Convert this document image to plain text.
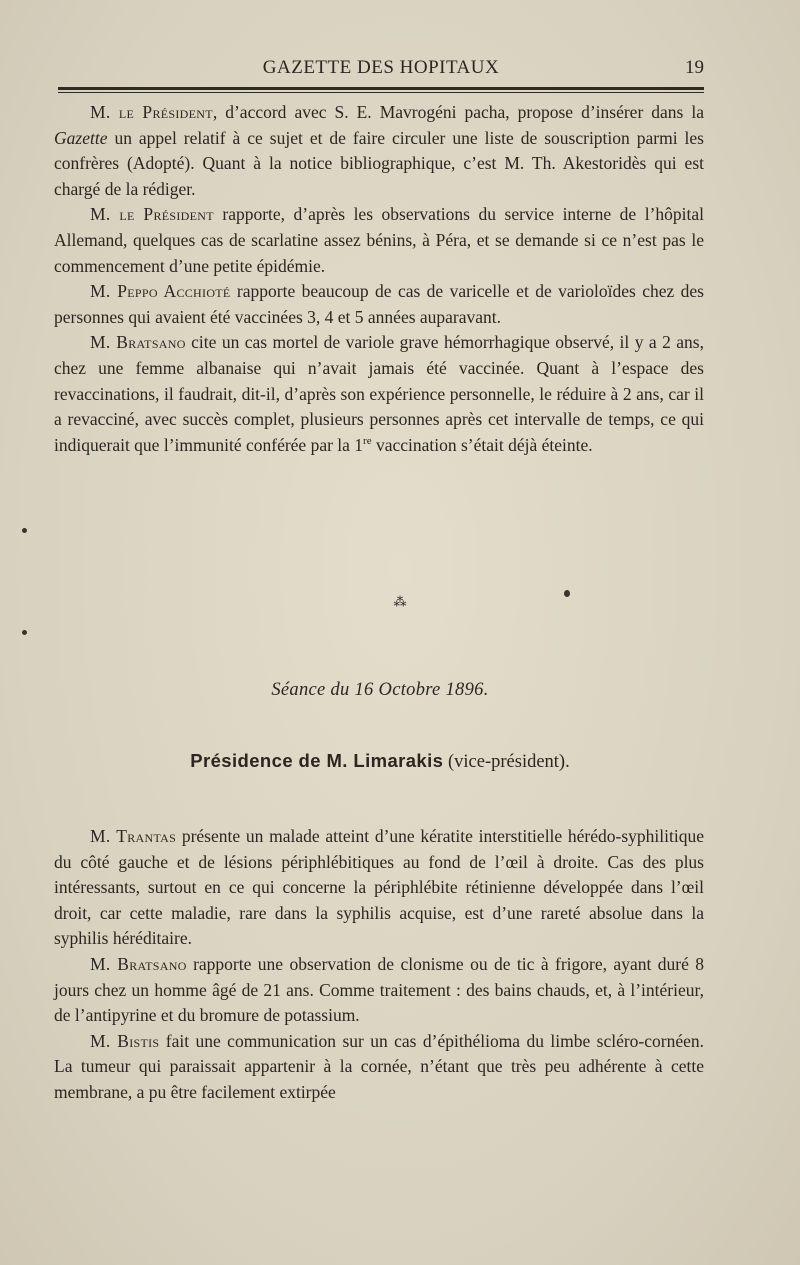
GAZETTE DES HOPITAUX	19

M. le Président, d’accord avec S. E. Mavrogéni pacha, propose d’insérer dans la Gazette un appel relatif à ce sujet et de faire circuler une liste de souscription parmi les confrères (Adopté). Quant à la notice bibliographique, c’est M. Th. Akestoridès qui est chargé de la rédiger.

M. le Président rapporte, d’après les observations du service interne de l’hôpital Allemand, quelques cas de scarlatine assez bénins, à Péra, et se demande si ce n’est pas le commencement d’une petite épidémie.

M. Peppo Acchioté rapporte beaucoup de cas de varicelle et de varioloïdes chez des personnes qui avaient été vaccinées 3, 4 et 5 années auparavant.

M. Bratsano cite un cas mortel de variole grave hémorrhagique observé, il y a 2 ans, chez une femme albanaise qui n’avait jamais été vaccinée. Quant à l’espace des revaccinations, il faudrait, dit-il, d’après son expérience personnelle, le réduire à 2 ans, car il a revacciné, avec succès complet, plusieurs personnes après cet intervalle de temps, ce qui indiquerait que l’immunité conférée par la 1re vaccination s’était déjà éteinte.

⁂
Séance du 16 Octobre 1896.
Présidence de M. Limarakis (vice-président).

M. Trantas présente un malade atteint d’une kératite interstitielle hérédo-syphilitique du côté gauche et de lésions périphlébitiques au fond de l’œil à droite. Cas des plus intéressants, surtout en ce qui concerne la périphlébite rétinienne développée dans l’œil droit, car cette maladie, rare dans la syphilis acquise, est d’une rareté absolue dans la syphilis héréditaire.

M. Bratsano rapporte une observation de clonisme ou de tic à frigore, ayant duré 8 jours chez un homme âgé de 21 ans. Comme traitement : des bains chauds, et, à l’intérieur, de l’antipyrine et du bromure de potassium.

M. Bistis fait une communication sur un cas d’épithélioma du limbe scléro-cornéen. La tumeur qui paraissait appartenir à la cornée, n’étant que très peu adhérente à cette membrane, a pu être facilement extirpée
